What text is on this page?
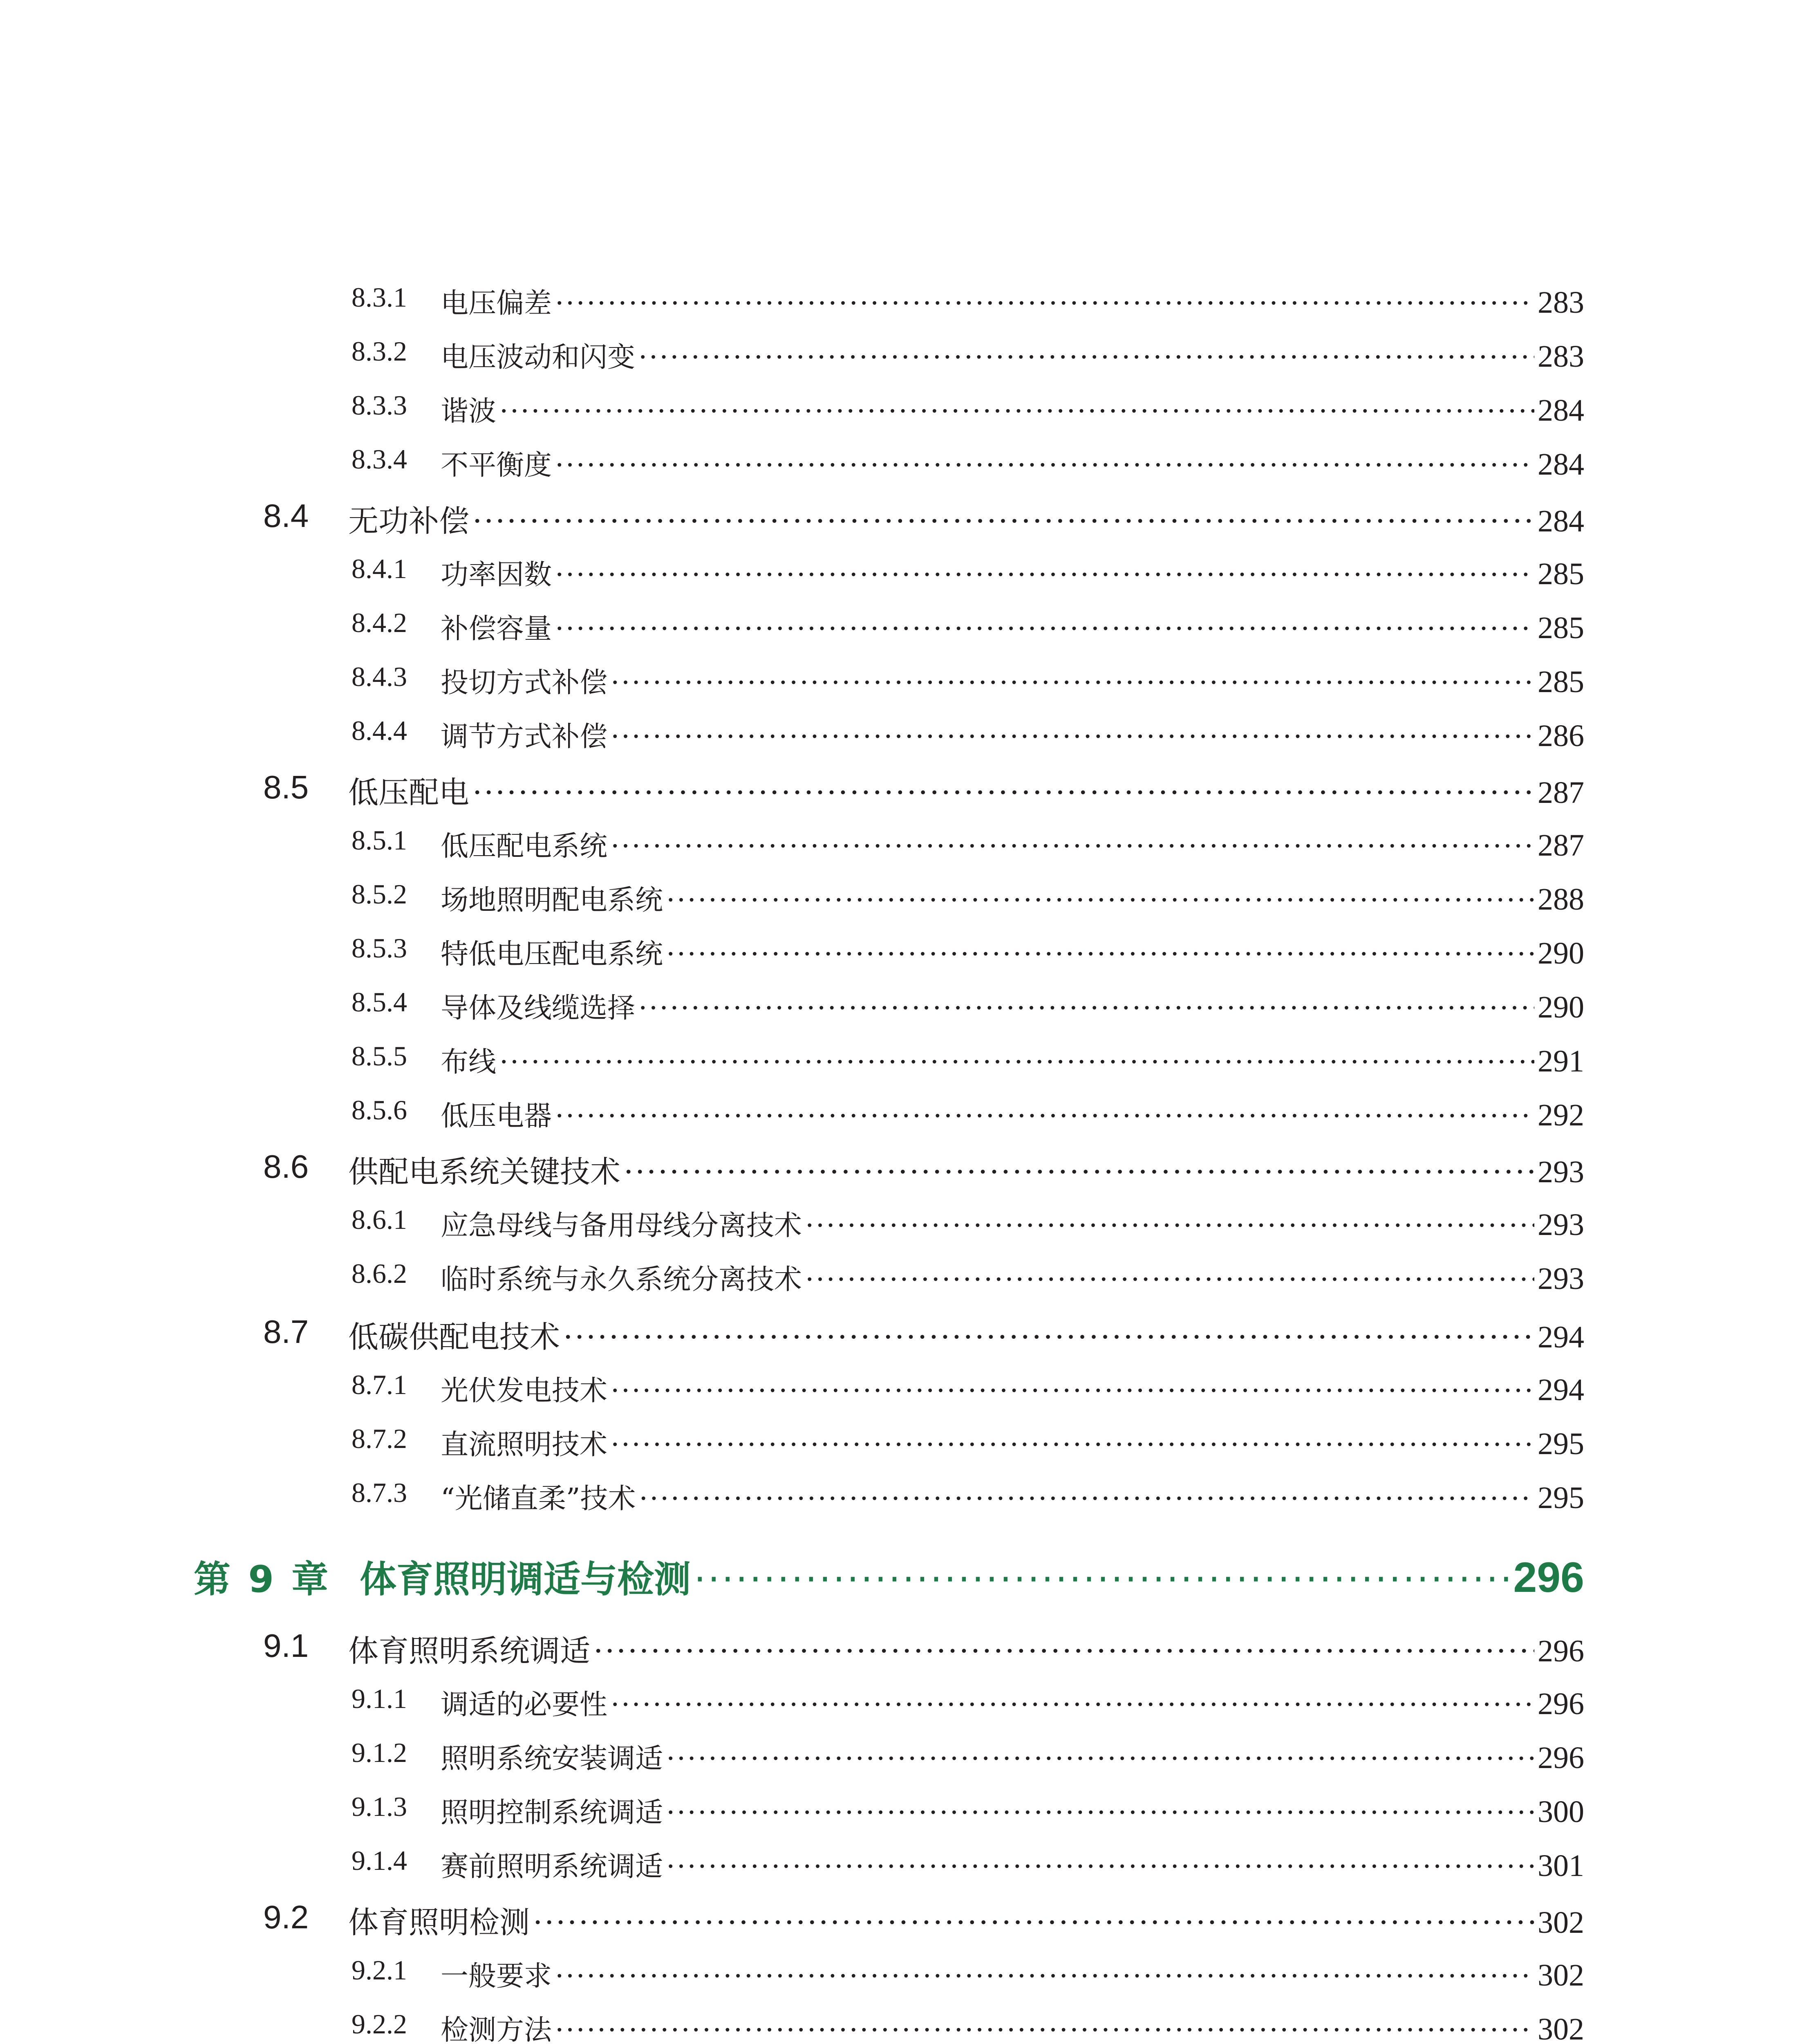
8.3.1 电压偏差 ·····	283
8.3.2 电压波动和闪变 ·····	283
8.3.3 谐波 ·····	284
8.3.4 不平衡度 ·····	284
8.4 无功补偿 ·····	284
8.4.1 功率因数 ·····	285
8.4.2 补偿容量 ·····	285
8.4.3 投切方式补偿 ·····	285
8.4.4 调节方式补偿 ·····	286
8.5 低压配电 ·····	287
8.5.1 低压配电系统 ·····	287
8.5.2 场地照明配电系统 ·····	288
8.5.3 特低电压配电系统 ·····	290
8.5.4 导体及线缆选择 ·····	290
8.5.5 布线 ·····	291
8.5.6 低压电器 ·····	292
8.6 供配电系统关键技术 ·····	293
8.6.1 应急母线与备用母线分离技术 ·····	293
8.6.2 临时系统与永久系统分离技术 ·····	293
8.7 低碳供配电技术 ·····	294
8.7.1 光伏发电技术 ·····	294
8.7.2 直流照明技术 ·····	295
8.7.3 “光储直柔”技术 ·····	295
第 9 章 体育照明调适与检测 ·····	296
9.1 体育照明系统调适 ·····	296
9.1.1 调适的必要性 ·····	296
9.1.2 照明系统安装调适 ·····	296
9.1.3 照明控制系统调适 ·····	300
9.1.4 赛前照明系统调适 ·····	301
9.2 体育照明检测 ·····	302
9.2.1 一般要求 ·····	302
9.2.2 检测方法 ·····	302
